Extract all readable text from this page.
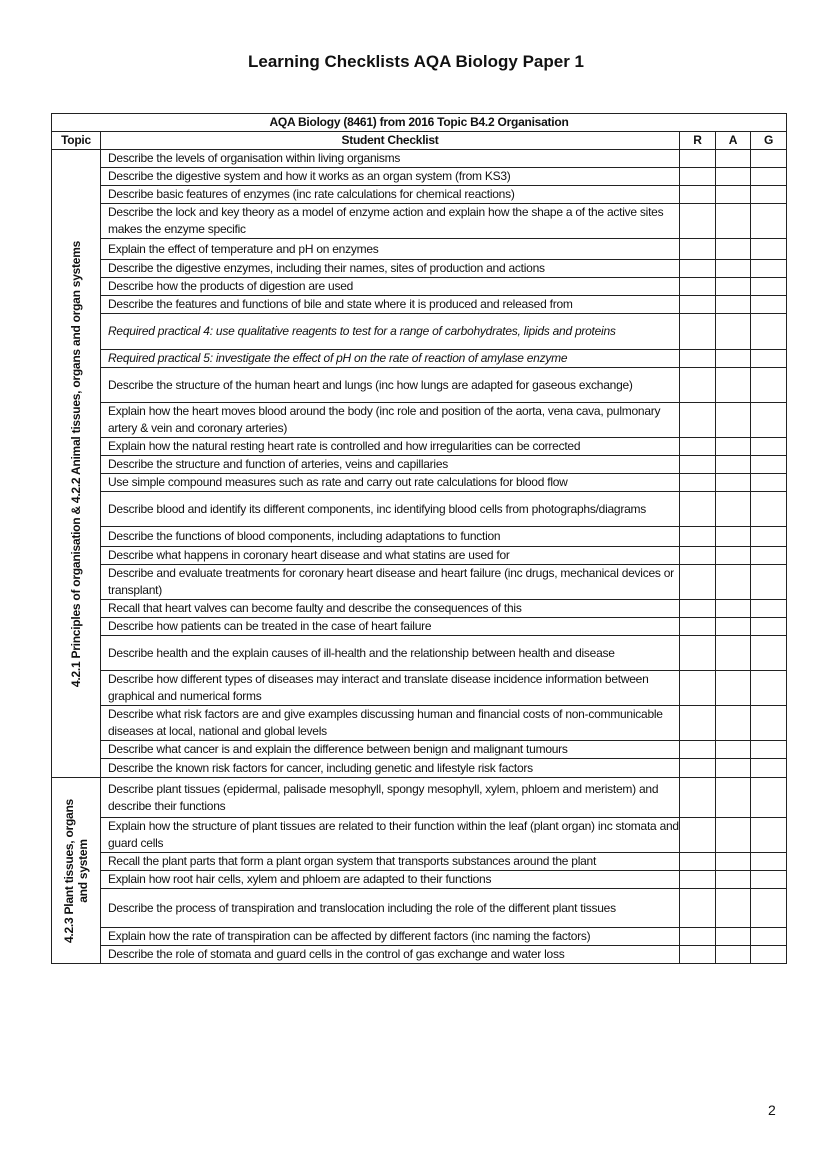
Learning Checklists AQA Biology Paper 1
AQA Biology (8461) from 2016 Topic B4.2 Organisation				
Topic	Student Checklist	R	A	G

4.2.1 Principles of organisation & 4.2.2 Animal tissues, organs and organ systems	Describe the levels of organisation within living organisms			
	Describe the digestive system and how it works as an organ system (from KS3)			
	Describe basic features of enzymes (inc rate calculations for chemical reactions)			
	Describe the lock and key theory as a model of enzyme action and explain how the shape a of the active sites makes the enzyme specific			
	Explain the effect of temperature and pH on enzymes			
	Describe the digestive enzymes, including their names, sites of production and actions			
	Describe how the products of digestion are used			
	Describe the features and functions of bile and state where it is produced and released from			
	Required practical 4: use qualitative reagents to test for a range of carbohydrates, lipids and proteins			
	Required practical 5: investigate the effect of pH on the rate of reaction of amylase enzyme			
	Describe the structure of the human heart and lungs (inc how lungs are adapted for gaseous exchange)			
	Explain how the heart moves blood around the body (inc role and position of the aorta, vena cava, pulmonary artery & vein and coronary arteries)			
	Explain how the natural resting heart rate is controlled and how irregularities can be corrected			
	Describe the structure and function of arteries, veins and capillaries			
	Use simple compound measures such as rate and carry out rate calculations for blood flow			
	Describe blood and identify its different components, inc identifying blood cells from photographs/diagrams			
	Describe the functions of blood components, including adaptations to function			
	Describe what happens in coronary heart disease and what statins are used for			
	Describe and evaluate treatments for coronary heart disease and heart failure (inc drugs, mechanical devices or transplant)			
	Recall that heart valves can become faulty and describe the consequences of this			
	Describe how patients can be treated in the case of heart failure			
	Describe health and the explain causes of ill-health and the relationship between health and disease			
	Describe how different types of diseases may interact and translate disease incidence information between graphical and numerical forms			
	Describe what risk factors are and give examples discussing human and financial costs of non-communicable diseases at local, national and global levels			
	Describe what cancer is and explain the difference between benign and malignant tumours			
	Describe the known risk factors for cancer, including genetic and lifestyle risk factors			

4.2.3 Plant tissues, organs and system	Describe plant tissues (epidermal, palisade mesophyll, spongy mesophyll, xylem, phloem and meristem) and describe their functions			
	Explain how the structure of plant tissues are related to their function within the leaf (plant organ) inc stomata and guard cells			
	Recall the plant parts that form a plant organ system that transports substances around the plant			
	Explain how root hair cells, xylem and phloem are adapted to their functions			
	Describe the process of transpiration and translocation including the role of the different plant tissues			
	Explain how the rate of transpiration can be affected by different factors (inc naming the factors)			
	Describe the role of stomata and guard cells in the control of gas exchange and water loss			
2
